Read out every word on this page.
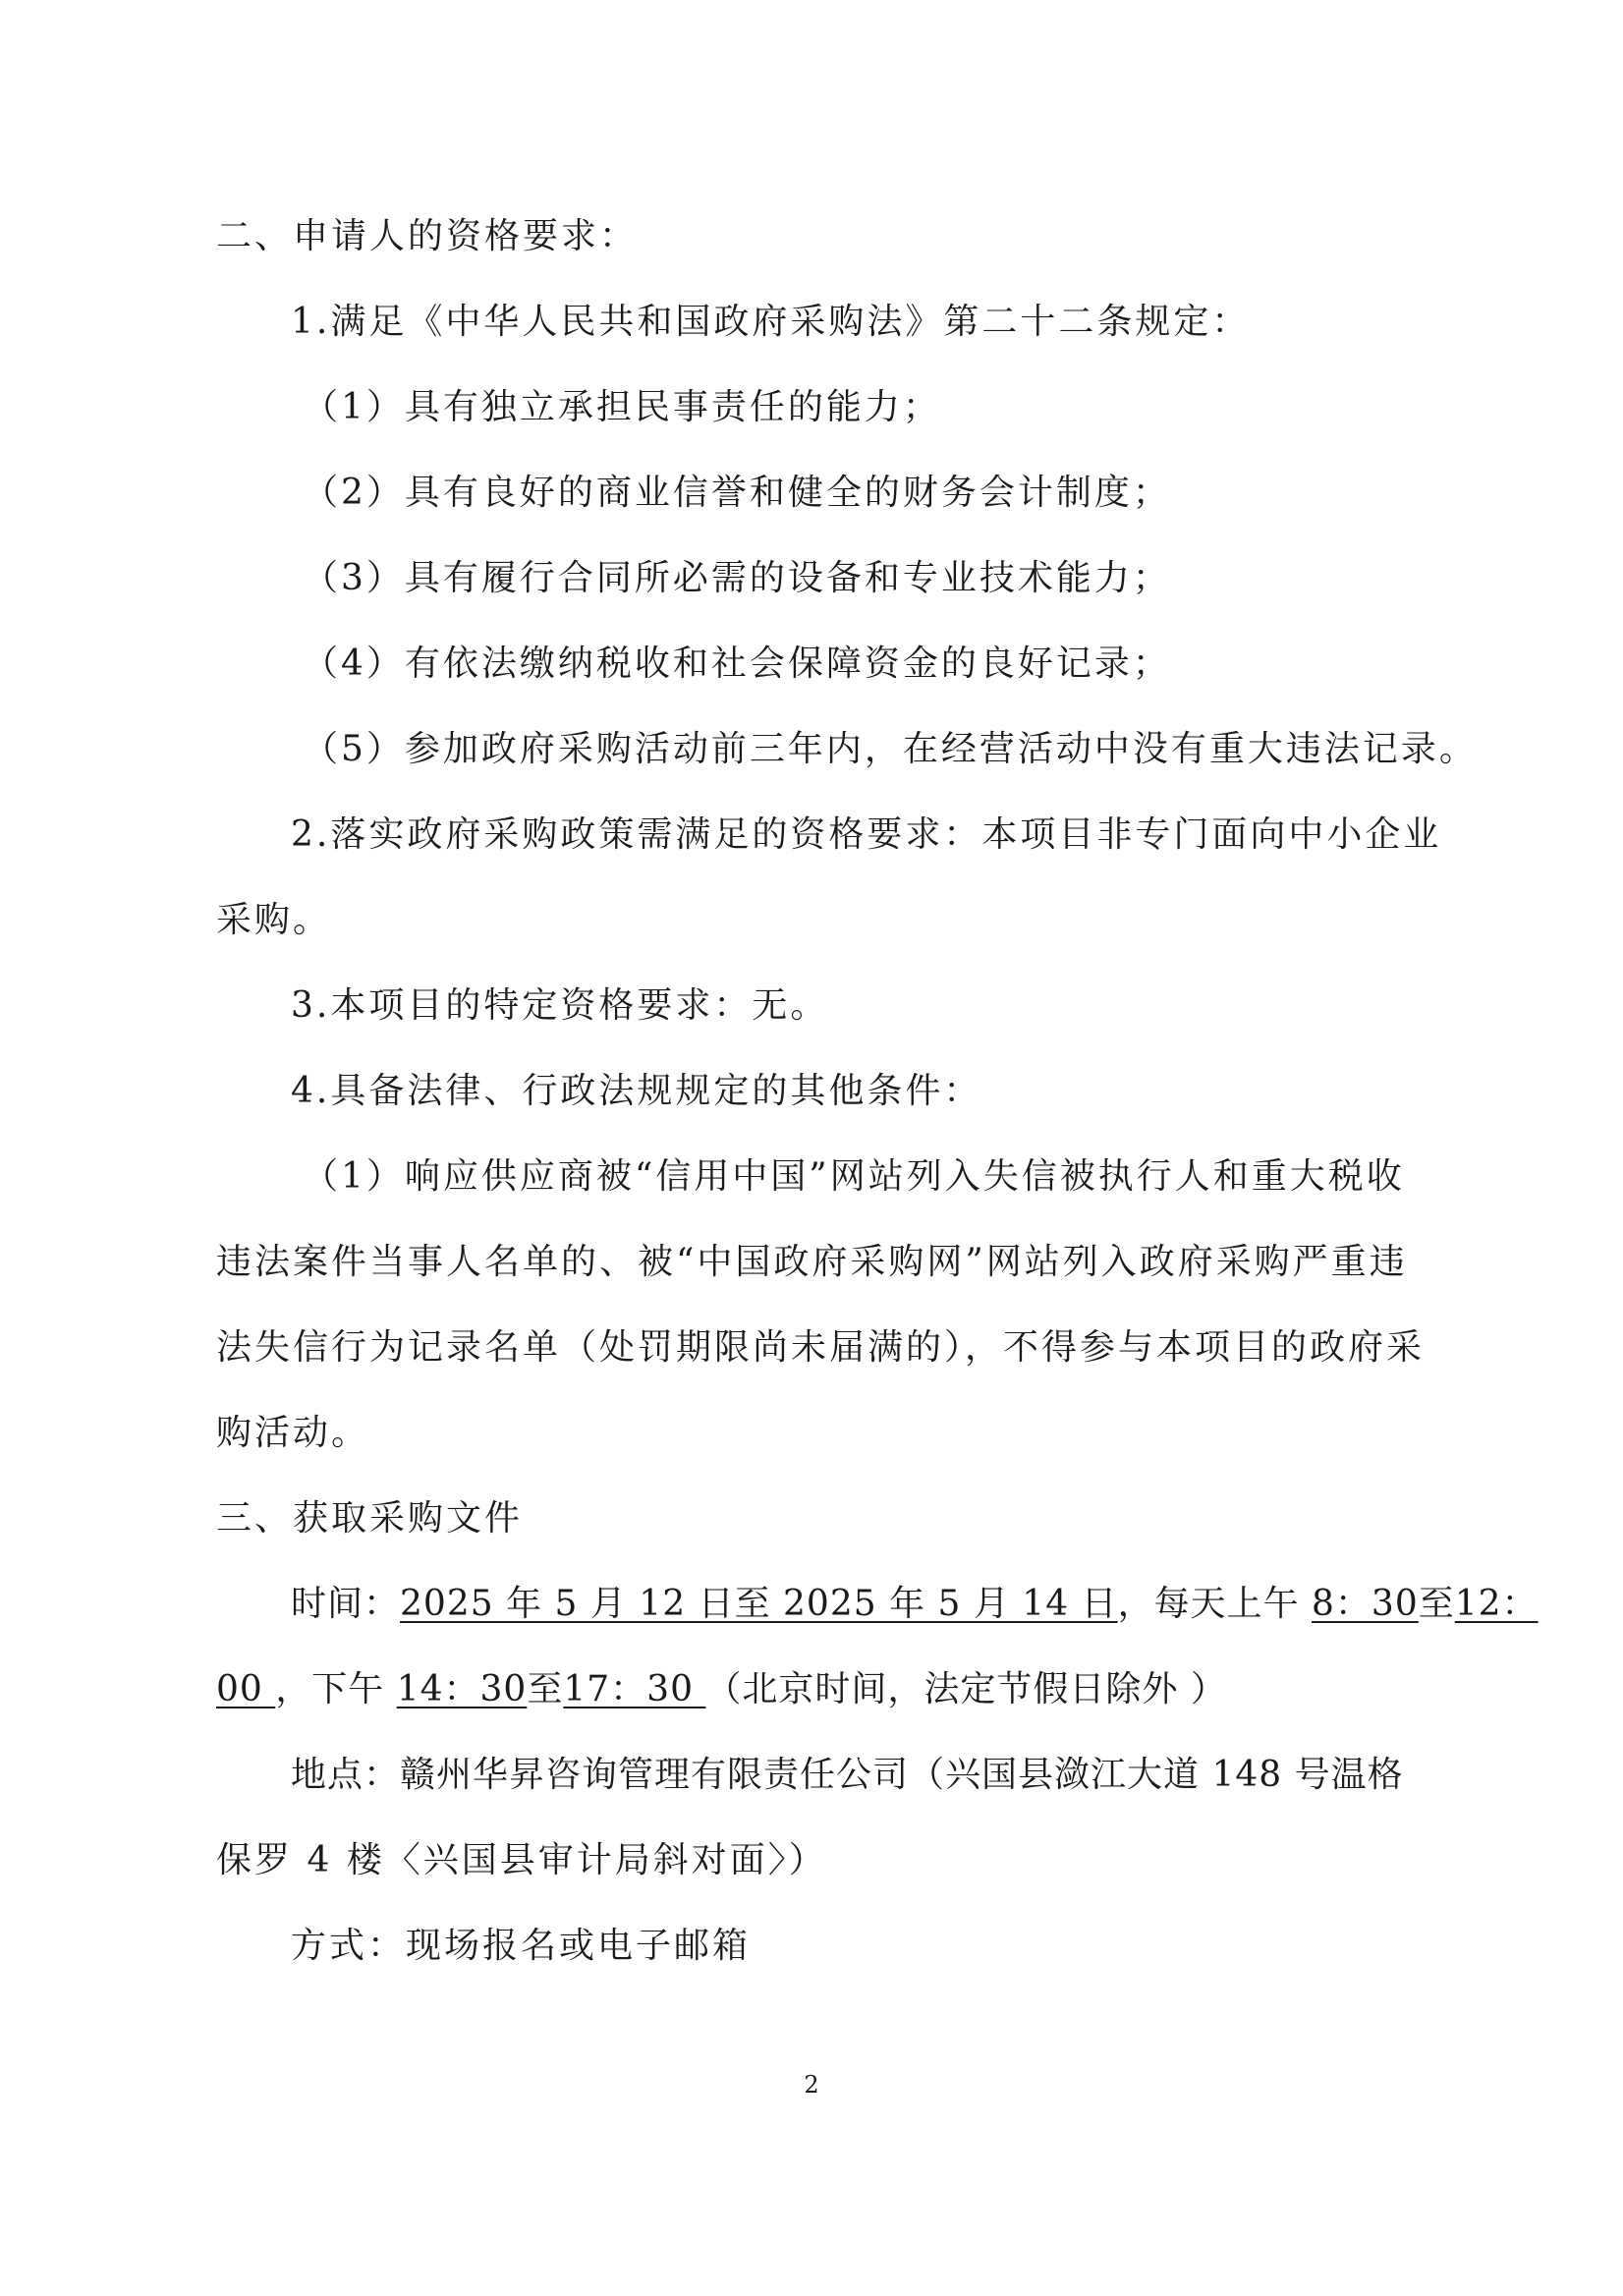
二、申请人的资格要求：
1.满足《中华人民共和国政府采购法》第二十二条规定：
（1）具有独立承担民事责任的能力；
（2）具有良好的商业信誉和健全的财务会计制度；
（3）具有履行合同所必需的设备和专业技术能力；
（4）有依法缴纳税收和社会保障资金的良好记录；
（5）参加政府采购活动前三年内，在经营活动中没有重大违法记录。
2.落实政府采购政策需满足的资格要求：本项目非专门面向中小企业
采购。
3.本项目的特定资格要求：无。
4.具备法律、行政法规规定的其他条件：
（1）响应供应商被“信用中国”网站列入失信被执行人和重大税收
违法案件当事人名单的、被“中国政府采购网”网站列入政府采购严重违
法失信行为记录名单（处罚期限尚未届满的），不得参与本项目的政府采
购活动。
三、获取采购文件
时间：2025 年 5 月 12 日至 2025 年 5 月 14 日，每天上午 8：30至12：
00 ，下午 14：30至17：30 （北京时间，法定节假日除外 ）
地点：赣州华昇咨询管理有限责任公司（兴国县潋江大道 148 号温格
保罗 4 楼〈兴国县审计局斜对面〉）
方式：现场报名或电子邮箱
2
